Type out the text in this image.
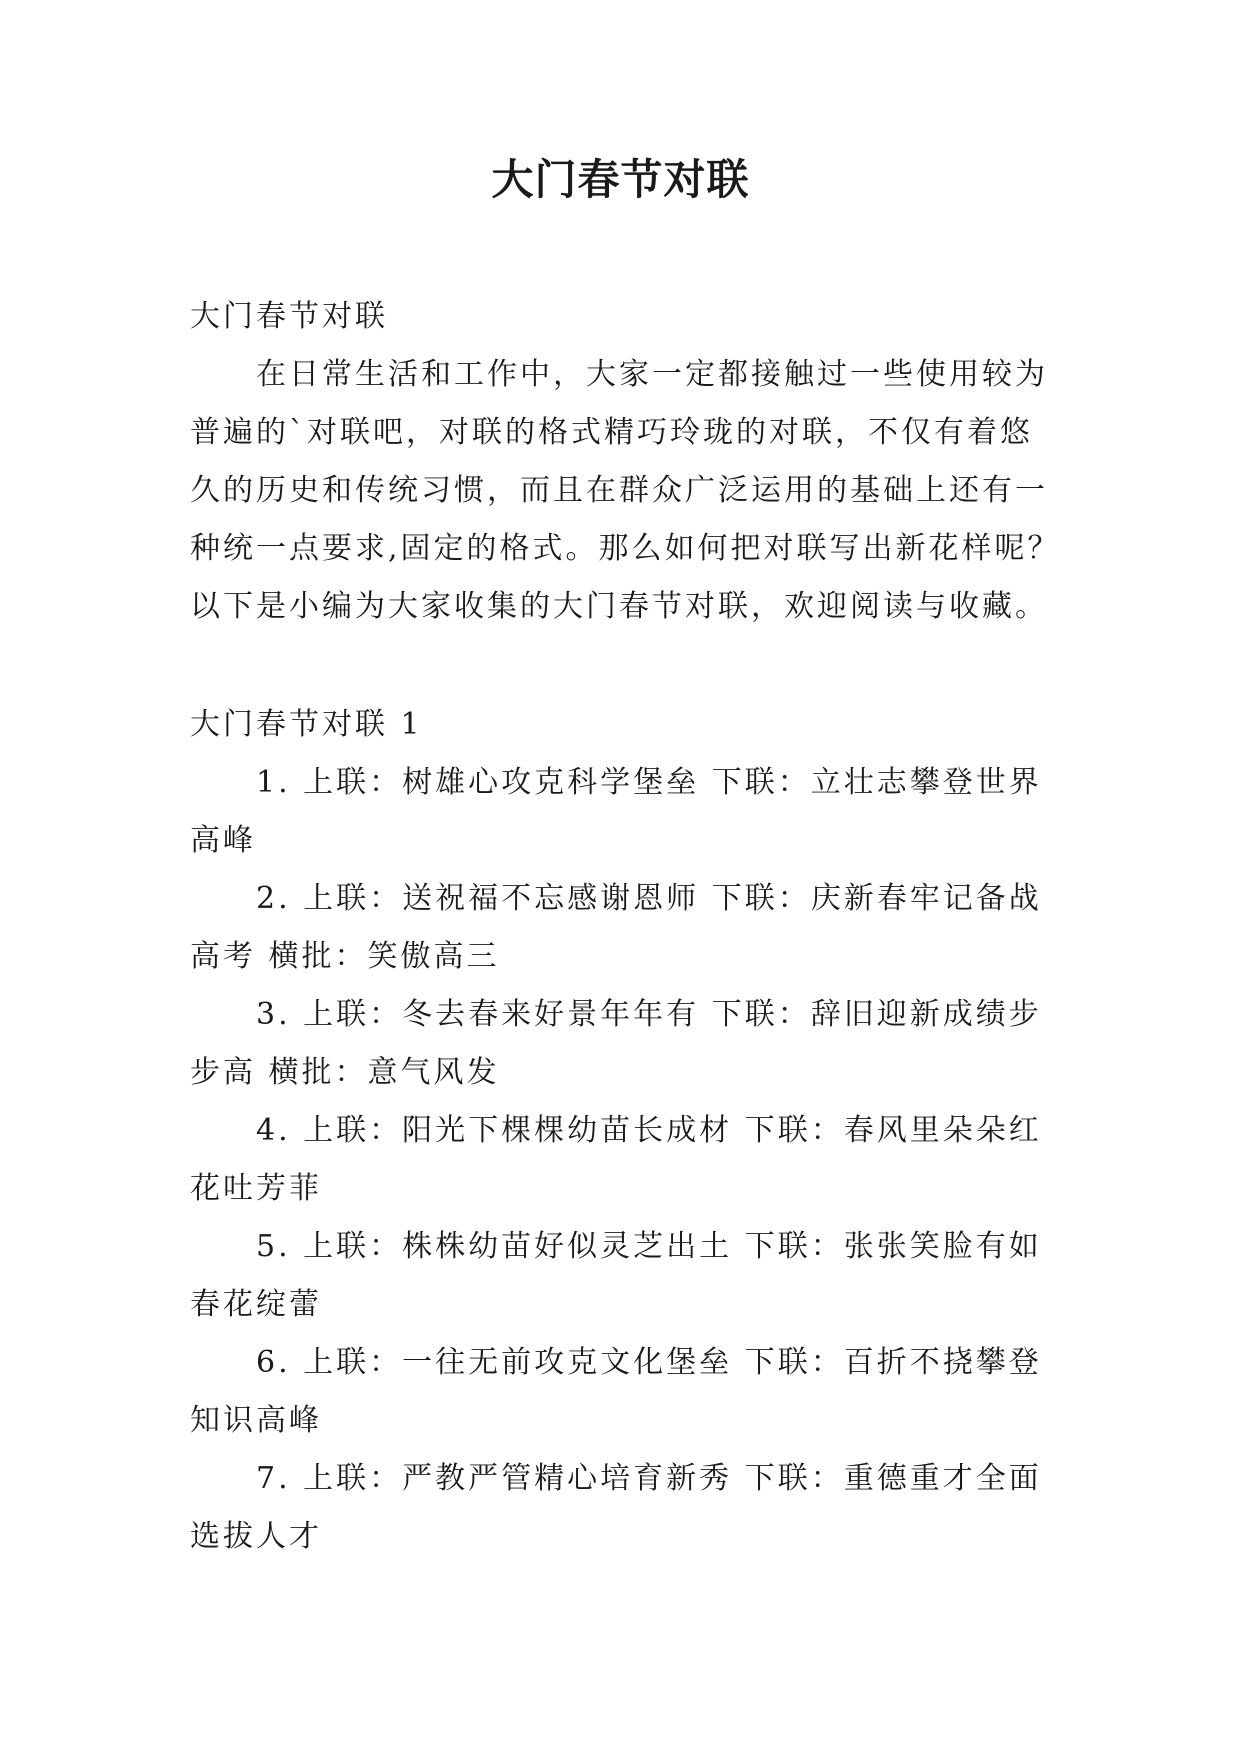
大门春节对联
大门春节对联
在日常生活和工作中，大家一定都接触过一些使用较为
普遍的`对联吧，对联的格式精巧玲珑的对联，不仅有着悠
久的历史和传统习惯，而且在群众广泛运用的基础上还有一
种统一点要求,固定的格式。那么如何把对联写出新花样呢？
以下是小编为大家收集的大门春节对联，欢迎阅读与收藏。
大门春节对联 1
1. 上联：树雄心攻克科学堡垒 下联：立壮志攀登世界
高峰
2. 上联：送祝福不忘感谢恩师 下联：庆新春牢记备战
高考 横批：笑傲高三
3. 上联：冬去春来好景年年有 下联：辞旧迎新成绩步
步高 横批：意气风发
4. 上联：阳光下棵棵幼苗长成材 下联：春风里朵朵红
花吐芳菲
5. 上联：株株幼苗好似灵芝出土 下联：张张笑脸有如
春花绽蕾
6. 上联：一往无前攻克文化堡垒 下联：百折不挠攀登
知识高峰
7. 上联：严教严管精心培育新秀 下联：重德重才全面
选拔人才
